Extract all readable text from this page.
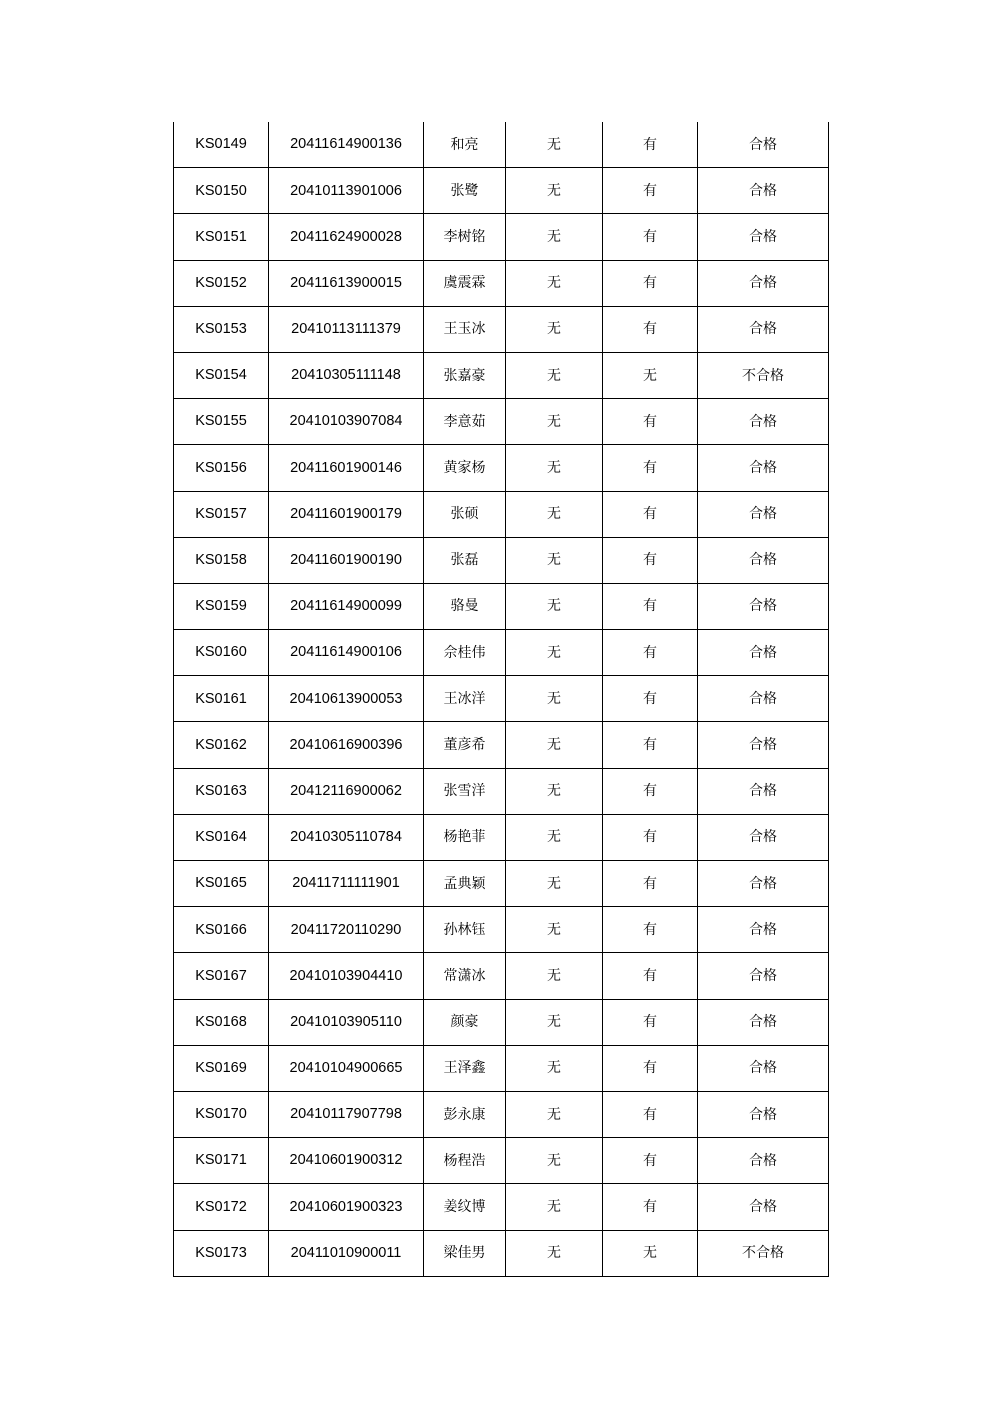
KS0149	20411614900136	和亮	无	有	合格
KS0150	20410113901006	张鹭	无	有	合格
KS0151	20411624900028	李树铭	无	有	合格
KS0152	20411613900015	虞震霖	无	有	合格
KS0153	20410113111379	王玉冰	无	有	合格
KS0154	20410305111148	张嘉豪	无	无	不合格
KS0155	20410103907084	李意茹	无	有	合格
KS0156	20411601900146	黄家杨	无	有	合格
KS0157	20411601900179	张硕	无	有	合格
KS0158	20411601900190	张磊	无	有	合格
KS0159	20411614900099	骆曼	无	有	合格
KS0160	20411614900106	佘桂伟	无	有	合格
KS0161	20410613900053	王冰洋	无	有	合格
KS0162	20410616900396	董彦希	无	有	合格
KS0163	20412116900062	张雪洋	无	有	合格
KS0164	20410305110784	杨艳菲	无	有	合格
KS0165	20411711111901	孟典颖	无	有	合格
KS0166	20411720110290	孙林钰	无	有	合格
KS0167	20410103904410	常潇冰	无	有	合格
KS0168	20410103905110	颜豪	无	有	合格
KS0169	20410104900665	王泽鑫	无	有	合格
KS0170	20410117907798	彭永康	无	有	合格
KS0171	20410601900312	杨程浩	无	有	合格
KS0172	20410601900323	姜纹博	无	有	合格
KS0173	20411010900011	梁佳男	无	无	不合格
